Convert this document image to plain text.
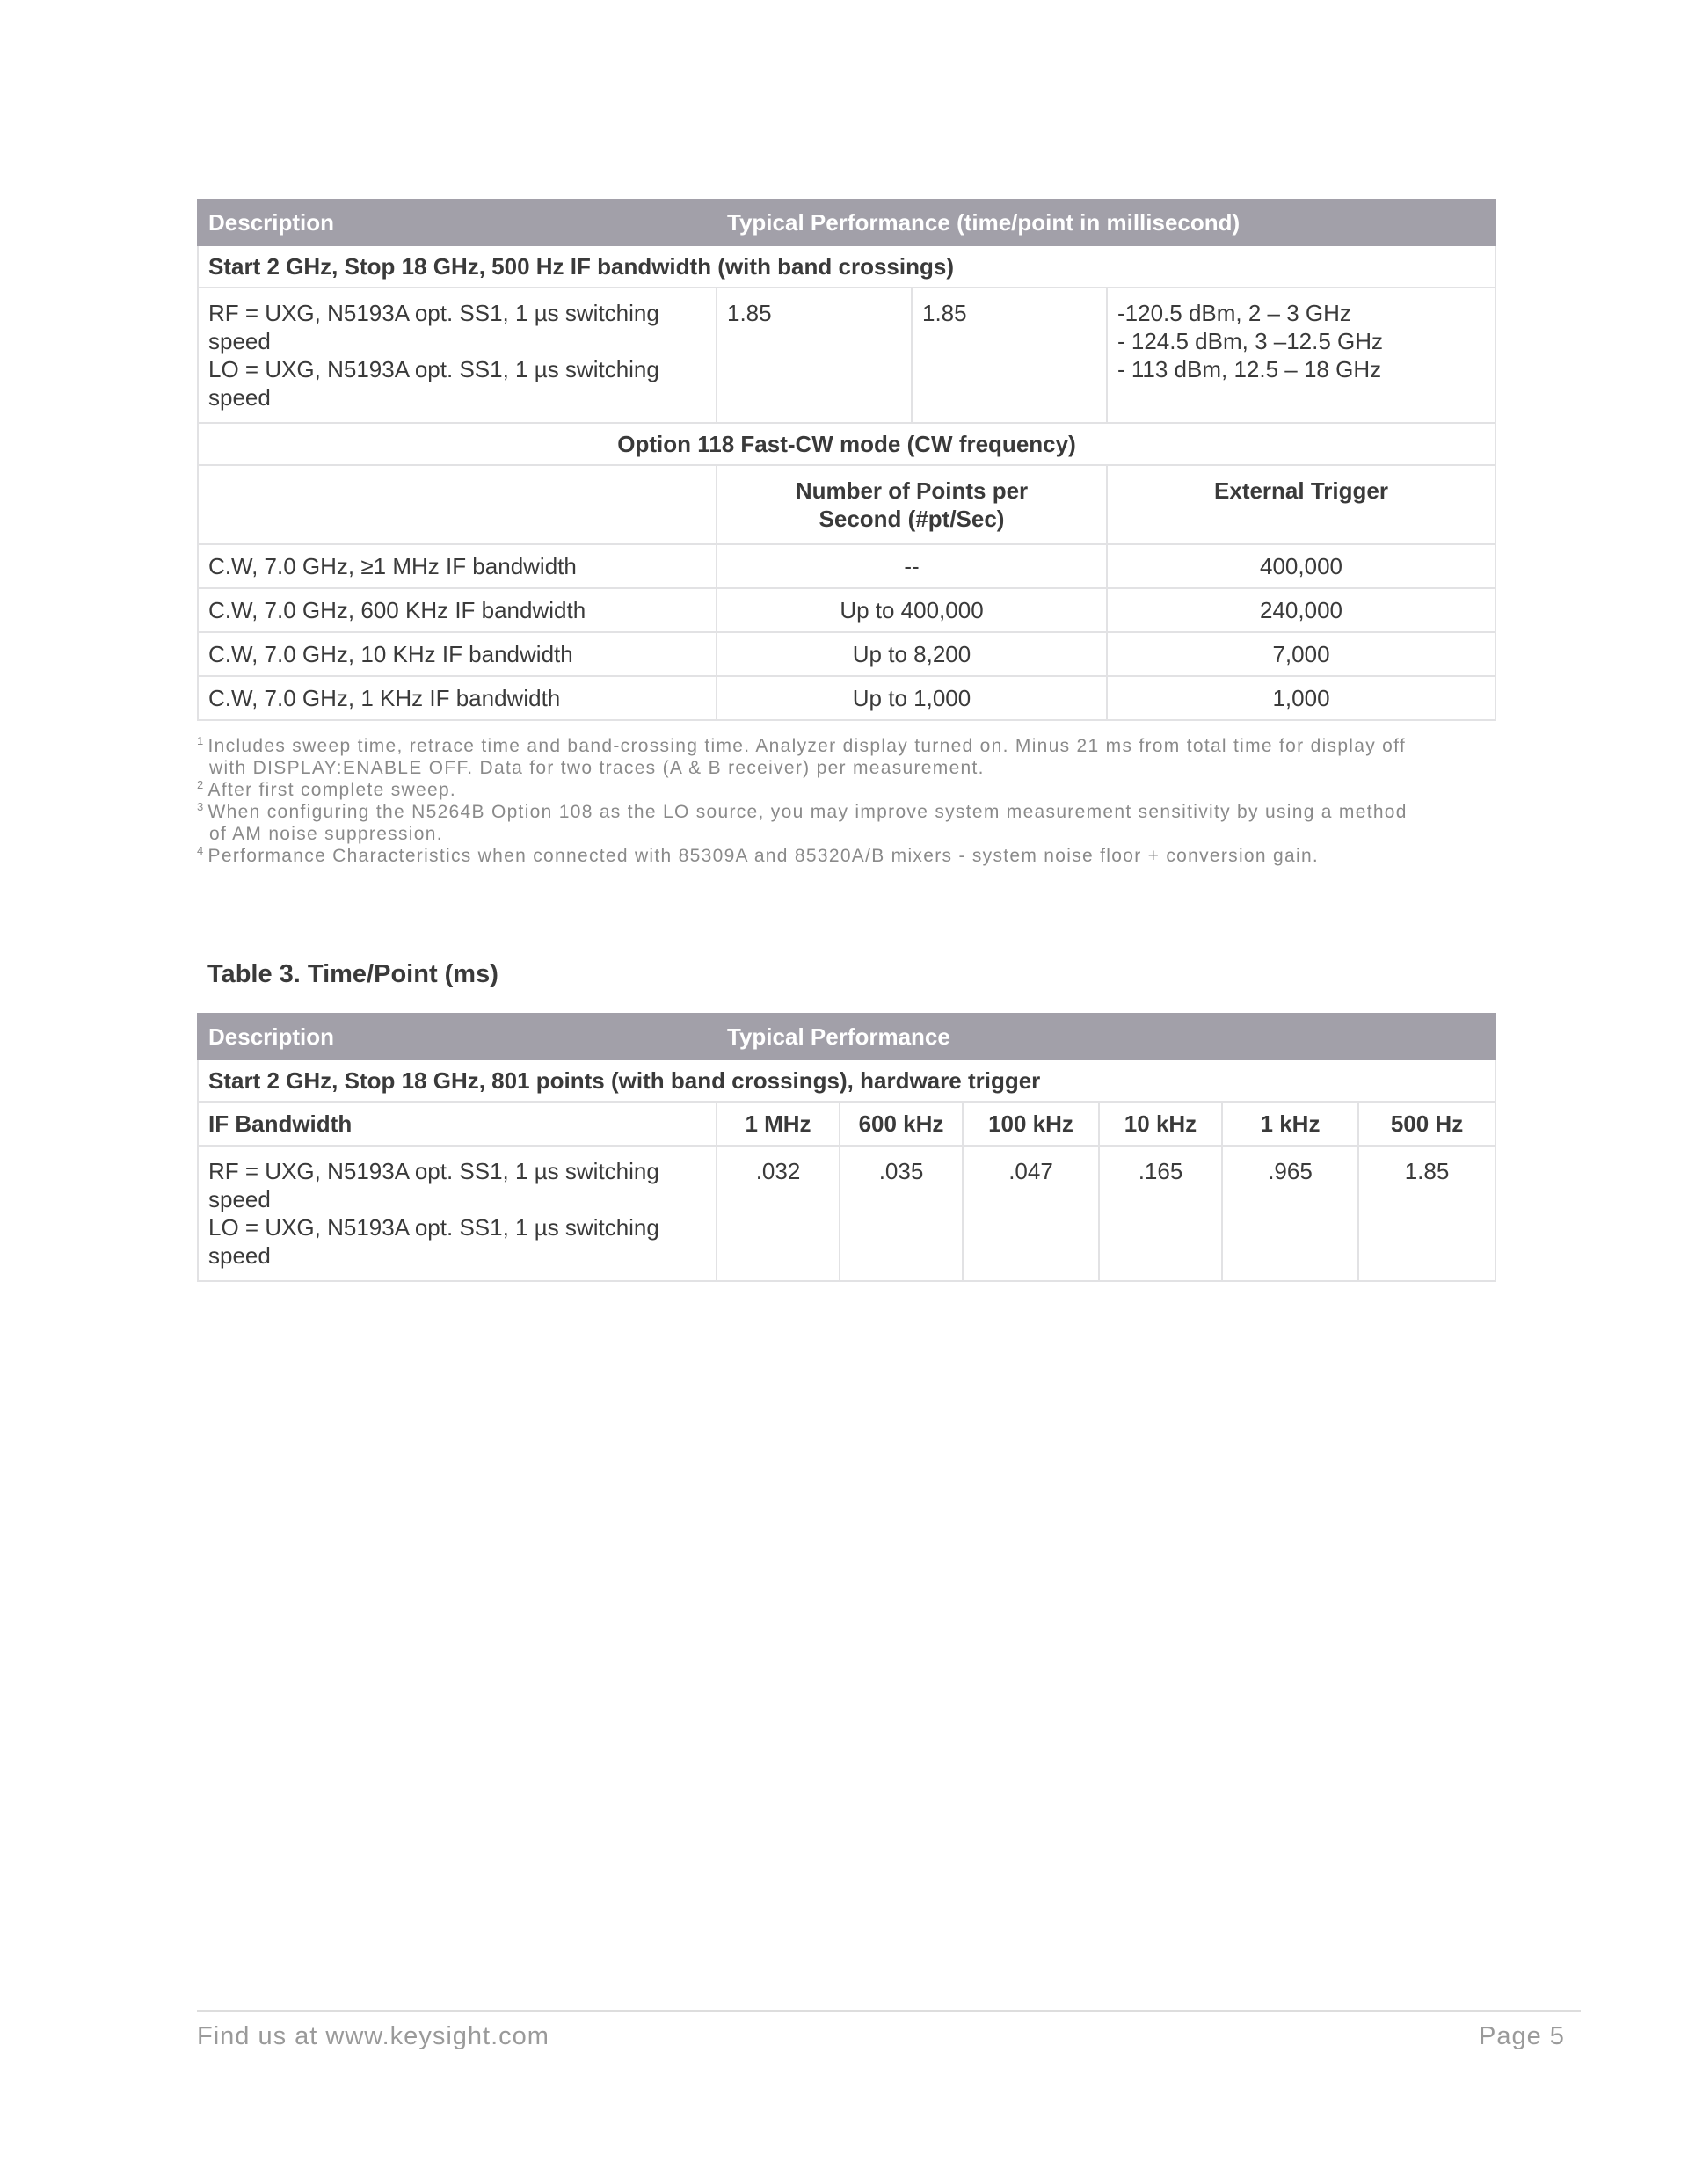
Description	Typical Performance (time/point in millisecond)		
Start 2 GHz, Stop 18 GHz, 500 Hz IF bandwidth (with band crossings)			

RF = UXG, N5193A opt. SS1, 1 µs switching speed
LO = UXG, N5193A opt. SS1, 1 µs switching speed	1.85	1.85	-120.5 dBm, 2 – 3 GHz
- 124.5 dBm, 3 –12.5 GHz
- 113 dBm, 12.5 – 18 GHz

Option 118 Fast-CW mode (CW frequency)			

	Number of Points per
Second (#pt/Sec)		External Trigger
C.W, 7.0 GHz, ≥1 MHz IF bandwidth	--		400,000
C.W, 7.0 GHz, 600 KHz IF bandwidth	Up to 400,000		240,000
C.W, 7.0 GHz, 10 KHz IF bandwidth	Up to 8,200		7,000
C.W, 7.0 GHz, 1 KHz IF bandwidth	Up to 1,000		1,000
$^1$ Includes sweep time, retrace time and band-crossing time. Analyzer display turned on. Minus 21 ms from total time for display off with DISPLAY:ENABLE OFF. Data for two traces (A & B receiver) per measurement.
$^2$ After first complete sweep.
$^3$ When configuring the N5264B Option 108 as the LO source, you may improve system measurement sensitivity by using a method of AM noise suppression.
$^4$ Performance Characteristics when connected with 85309A and 85320A/B mixers - system noise floor + conversion gain.
Table 3. Time/Point (ms)
Description	Typical Performance					
Start 2 GHz, Stop 18 GHz, 801 points (with band crossings), hardware trigger						
IF Bandwidth	1 MHz	600 kHz	100 kHz	10 kHz	1 kHz	500 Hz

RF = UXG, N5193A opt. SS1, 1 µs switching speed
LO = UXG, N5193A opt. SS1, 1 µs switching speed	.032	.035	.047	.165	.965	1.85
Find us at www.keysight.com	Page 5
